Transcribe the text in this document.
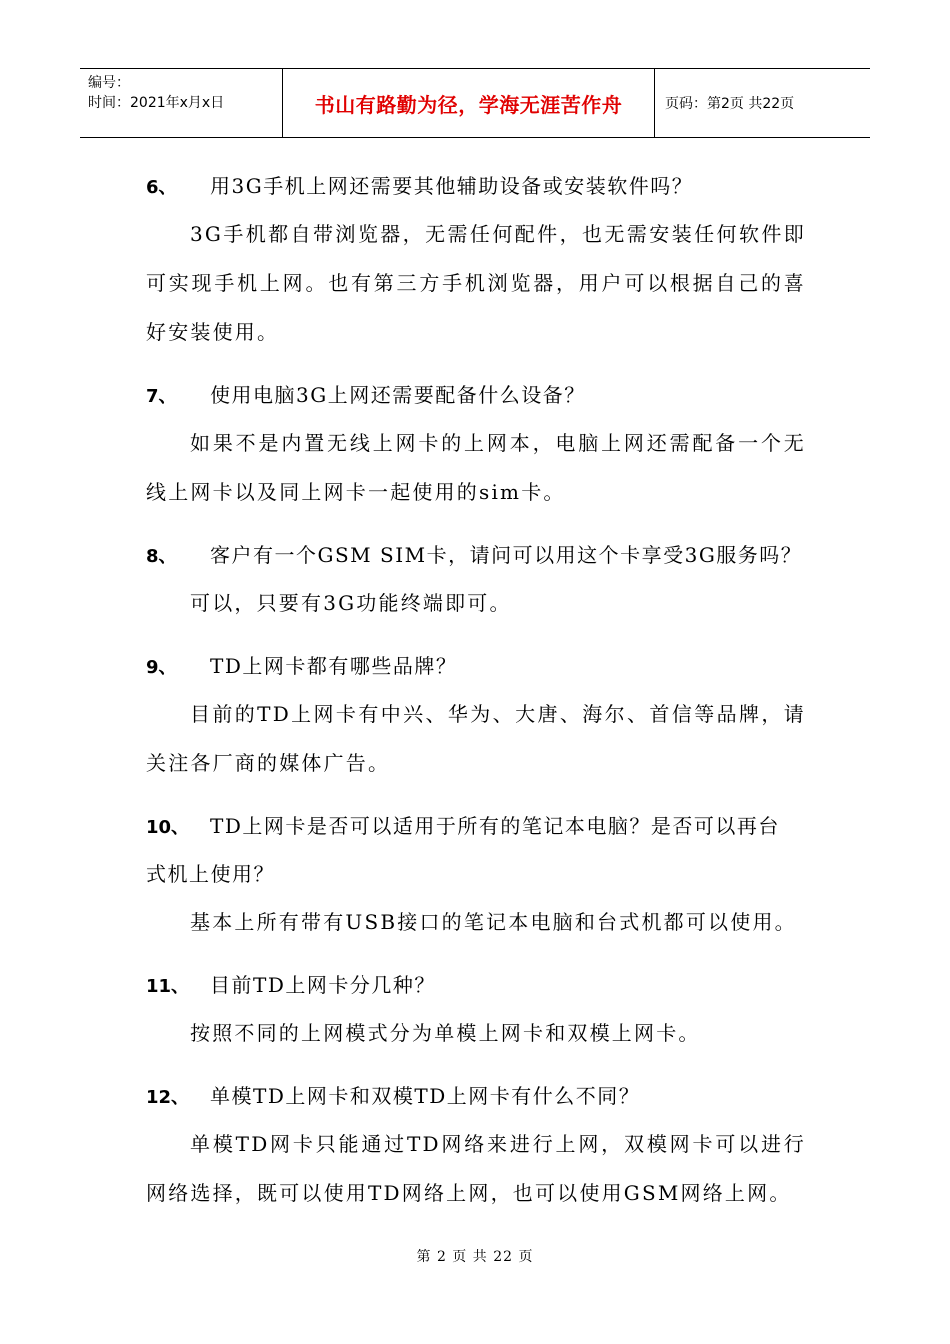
编号：
时间：2021年x月x日	书山有路勤为径，学海无涯苦作舟	页码：第2页 共22页
6、	用3G手机上网还需要其他辅助设备或安装软件吗？

3G手机都自带浏览器，无需任何配件，也无需安装任何软件即可实现手机上网。也有第三方手机浏览器，用户可以根据自己的喜好安装使用。

7、	使用电脑3G上网还需要配备什么设备？

如果不是内置无线上网卡的上网本，电脑上网还需配备一个无线上网卡以及同上网卡一起使用的sim卡。

8、	客户有一个GSM SIM卡，请问可以用这个卡享受3G服务吗？

可以，只要有3G功能终端即可。

9、	TD上网卡都有哪些品牌？

目前的TD上网卡有中兴、华为、大唐、海尔、首信等品牌，请关注各厂商的媒体广告。

10、	TD上网卡是否可以适用于所有的笔记本电脑？是否可以再台
式机上使用？

基本上所有带有USB接口的笔记本电脑和台式机都可以使用。

11、	目前TD上网卡分几种？

按照不同的上网模式分为单模上网卡和双模上网卡。

12、	单模TD上网卡和双模TD上网卡有什么不同？

单模TD网卡只能通过TD网络来进行上网，双模网卡可以进行网络选择，既可以使用TD网络上网，也可以使用GSM网络上网。

第 2 页 共 22 页
